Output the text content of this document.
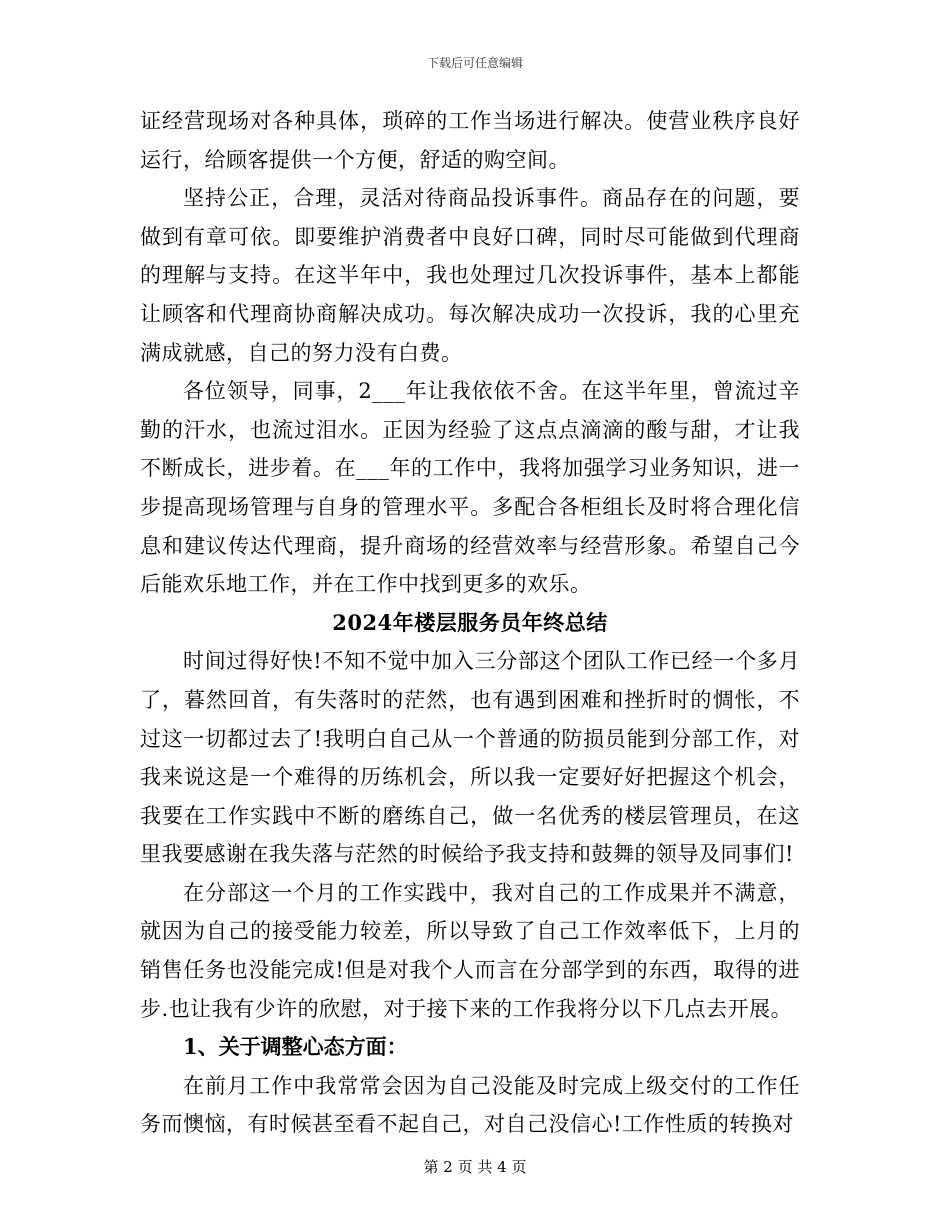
下载后可任意编辑

证经营现场对各种具体，琐碎的工作当场进行解决。使营业秩序良好运行，给顾客提供一个方便，舒适的购空间。

坚持公正，合理，灵活对待商品投诉事件。商品存在的问题，要做到有章可依。即要维护消费者中良好口碑，同时尽可能做到代理商的理解与支持。在这半年中，我也处理过几次投诉事件，基本上都能让顾客和代理商协商解决成功。每次解决成功一次投诉，我的心里充满成就感，自己的努力没有白费。

各位领导，同事，2___年让我依依不舍。在这半年里，曾流过辛勤的汗水，也流过泪水。正因为经验了这点点滴滴的酸与甜，才让我不断成长，进步着。在___年的工作中，我将加强学习业务知识，进一步提高现场管理与自身的管理水平。多配合各柜组长及时将合理化信息和建议传达代理商，提升商场的经营效率与经营形象。希望自己今后能欢乐地工作，并在工作中找到更多的欢乐。

2024年楼层服务员年终总结

时间过得好快!不知不觉中加入三分部这个团队工作已经一个多月了，暮然回首，有失落时的茫然，也有遇到困难和挫折时的惆怅，不过这一切都过去了!我明白自己从一个普通的防损员能到分部工作，对我来说这是一个难得的历练机会，所以我一定要好好把握这个机会，我要在工作实践中不断的磨练自己，做一名优秀的楼层管理员，在这里我要感谢在我失落与茫然的时候给予我支持和鼓舞的领导及同事们!

在分部这一个月的工作实践中，我对自己的工作成果并不满意，就因为自己的接受能力较差，所以导致了自己工作效率低下，上月的销售任务也没能完成!但是对我个人而言在分部学到的东西，取得的进步.也让我有少许的欣慰，对于接下来的工作我将分以下几点去开展。

1、关于调整心态方面：

在前月工作中我常常会因为自己没能及时完成上级交付的工作任务而懊恼，有时候甚至看不起自己，对自己没信心!工作性质的转换对

第 2 页 共 4 页
